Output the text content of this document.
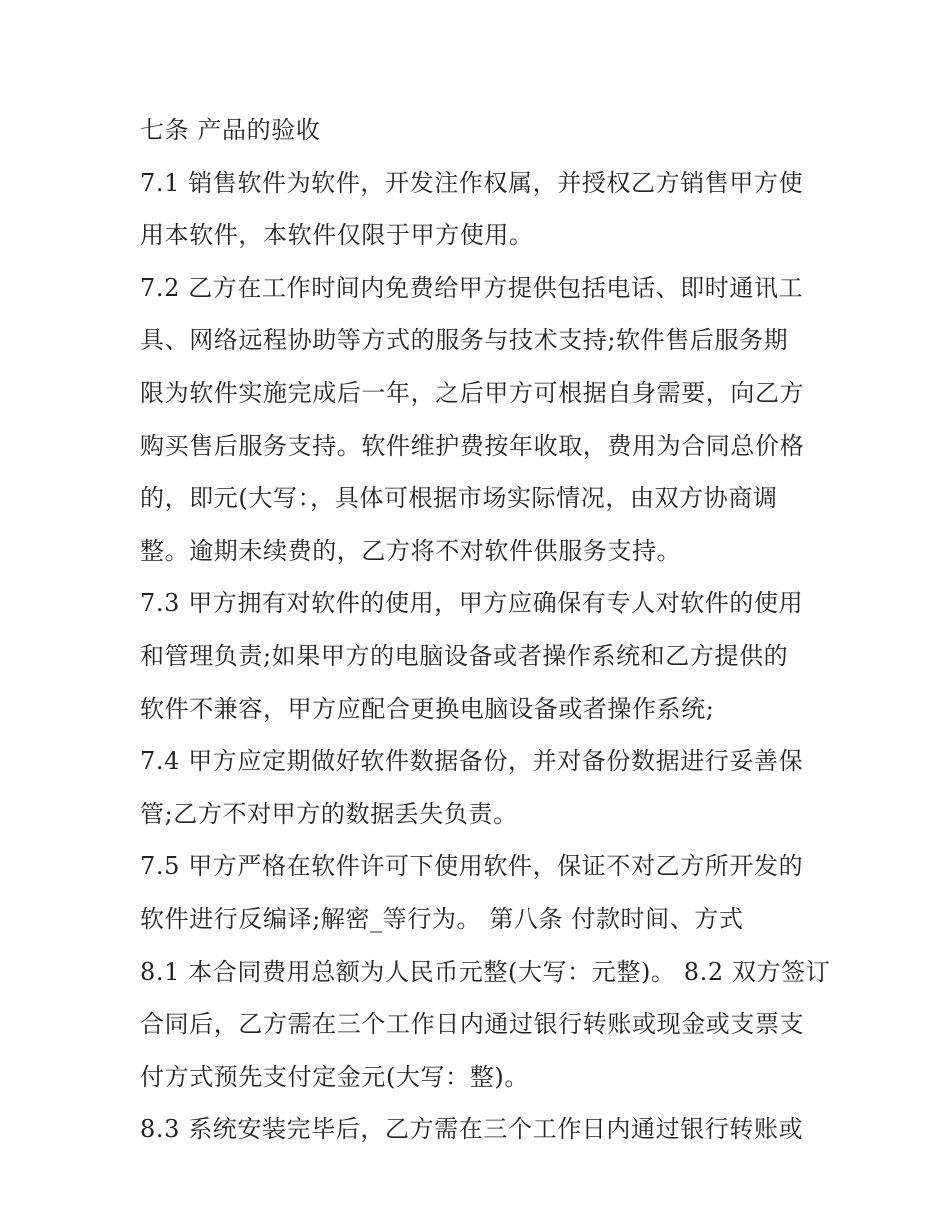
七条 产品的验收
7.1 销售软件为软件，开发注作权属，并授权乙方销售甲方使
用本软件，本软件仅限于甲方使用。
7.2 乙方在工作时间内免费给甲方提供包括电话、即时通讯工
具、网络远程协助等方式的服务与技术支持;软件售后服务期
限为软件实施完成后一年，之后甲方可根据自身需要，向乙方
购买售后服务支持。软件维护费按年收取，费用为合同总价格
的，即元(大写：，具体可根据市场实际情况，由双方协商调
整。逾期未续费的，乙方将不对软件供服务支持。
7.3 甲方拥有对软件的使用，甲方应确保有专人对软件的使用
和管理负责;如果甲方的电脑设备或者操作系统和乙方提供的
软件不兼容，甲方应配合更换电脑设备或者操作系统;
7.4 甲方应定期做好软件数据备份，并对备份数据进行妥善保
管;乙方不对甲方的数据丢失负责。
7.5 甲方严格在软件许可下使用软件，保证不对乙方所开发的
软件进行反编译;解密_等行为。 第八条 付款时间、方式
8.1 本合同费用总额为人民币元整(大写：元整)。 8.2 双方签订
合同后，乙方需在三个工作日内通过银行转账或现金或支票支
付方式预先支付定金元(大写：整)。
8.3 系统安装完毕后，乙方需在三个工作日内通过银行转账或
